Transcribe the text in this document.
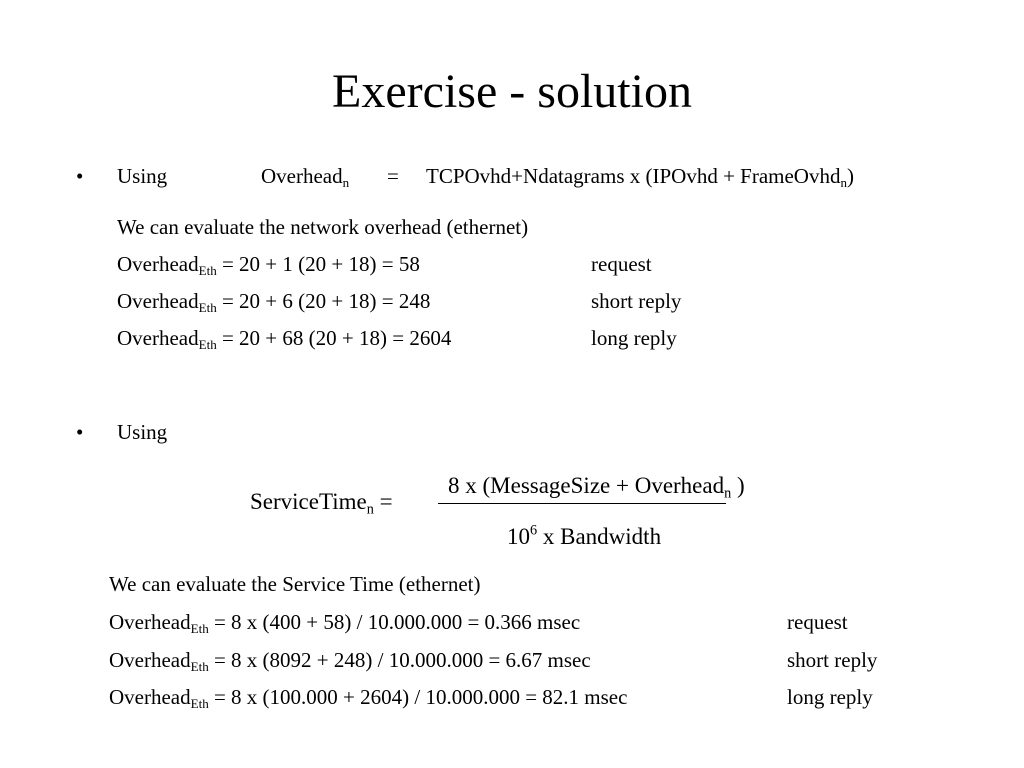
Exercise - solution
• Using	Overhead$_n$ = TCPOvhd+Ndatagrams x (IPOvhd + FrameOvhd$_n$)
We can evaluate the network overhead (ethernet)
Overhead$_{Eth}$ = 20 + 1 (20 + 18) = 58	request
Overhead$_{Eth}$ = 20 + 6 (20 + 18) = 248	short reply
Overhead$_{Eth}$ = 20 + 68 (20 + 18) = 2604	long reply
• Using
ServiceTime$_n$ =
8 x (MessageSize + Overhead$_n$ )
$10^6$ x Bandwidth
We can evaluate the Service Time (ethernet)
Overhead$_{Eth}$ = 8 x (400 + 58) / 10.000.000 = 0.366 msec	request
Overhead$_{Eth}$ = 8 x (8092 + 248) / 10.000.000 = 6.67 msec	short reply
Overhead$_{Eth}$ = 8 x (100.000 + 2604) / 10.000.000 = 82.1 msec	long reply
